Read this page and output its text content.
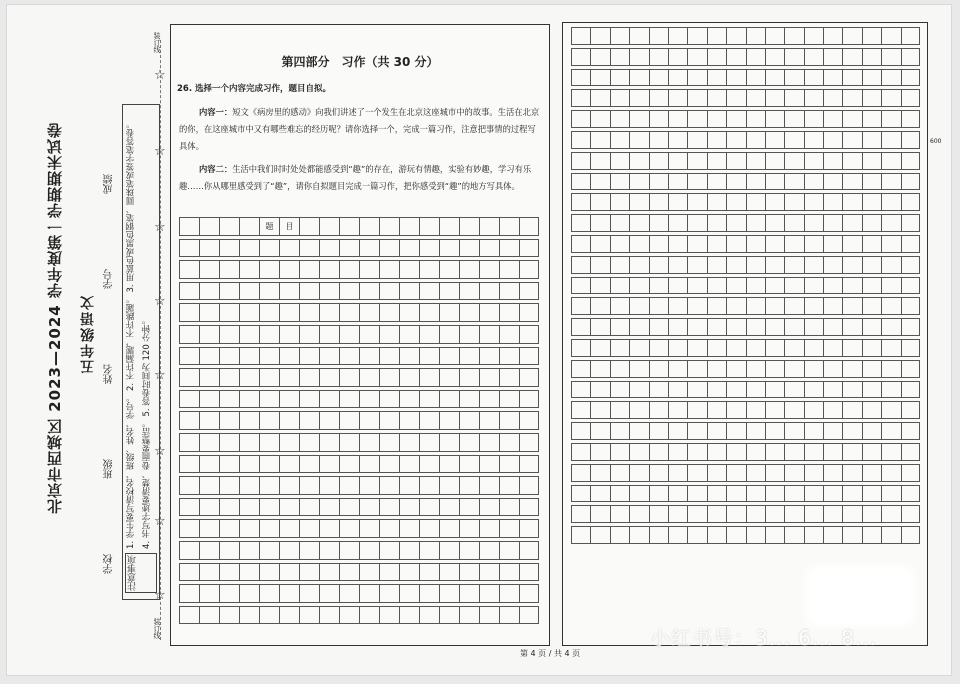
北京市西城区 2023—2024 学年度第一学期期末试卷 五年级语文
学校
班级
姓名
学号
成绩 1. 学生要写清校名、班级、姓名、学号。 2. 不许漏题，不许跳题。 3. 用蓝色或黑色钢笔、圆珠笔或签字笔答卷。 4. 书写字迹要清楚、卷面要整洁。 5. 答卷时间为 120 分钟。
注意事项
装订线
装订线
☆
☆
☆
☆
☆
☆
☆
☆
第四部分　习作（共 30 分）
26. 选择一个内容完成习作，题目自拟。
内容一：短文《病房里的感动》向我们讲述了一个发生在北京这座城市中的故事。生活在北京的你，在这座城市中又有哪些难忘的经历呢？请你选择一个，完成一篇习作，注意把事情的过程写具体。
内容二：生活中我们时时处处都能感受到“趣”的存在，游玩有情趣，实验有妙趣，学习有乐趣……你从哪里感受到了“趣”，请你自拟题目完成一篇习作，把你感受到“趣”的地方写具体。
题	目
600
第 4 页 / 共 4 页
小红书号：3... 6... 8...
